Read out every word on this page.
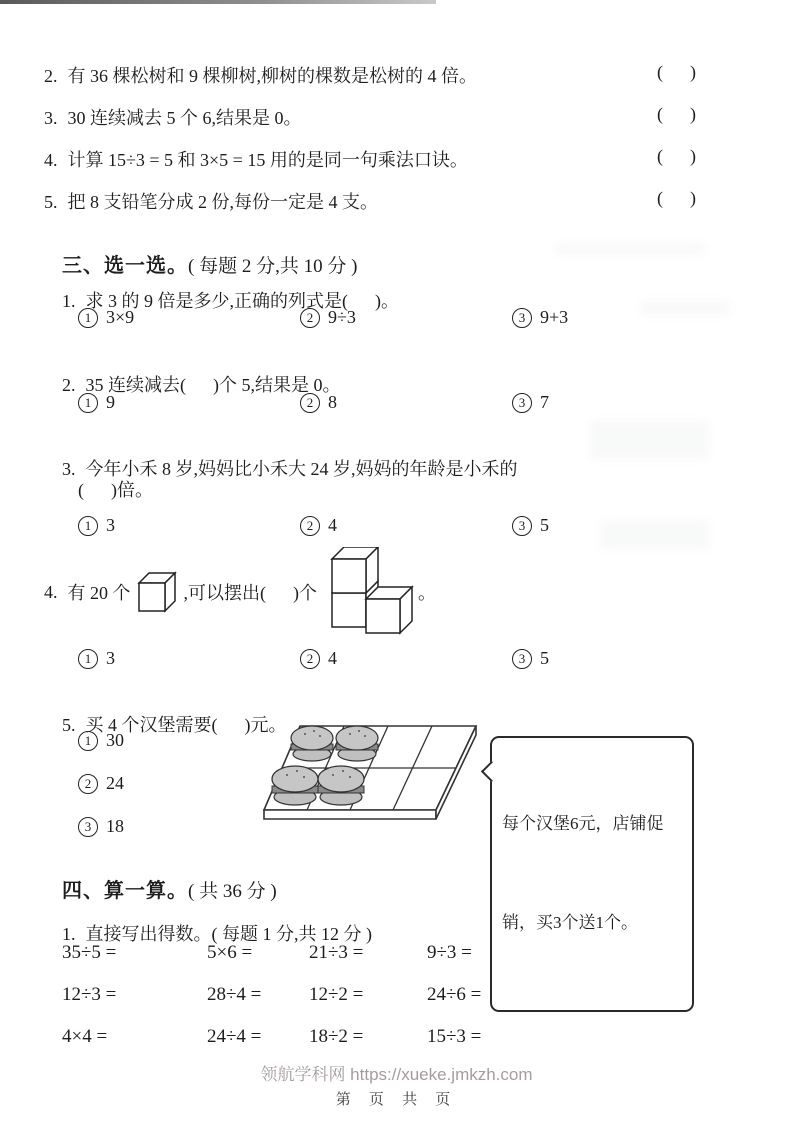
2. 有 36 棵松树和 9 棵柳树,柳树的棵数是松树的 4 倍。	(      )
3. 30 连续减去 5 个 6,结果是 0。	(      )
4. 计算 15÷3 = 5 和 3×5 = 15 用的是同一句乘法口诀。	(      )
5. 把 8 支铅笔分成 2 份,每份一定是 4 支。	(      )

三、选一选。( 每题 2 分,共 10 分 )

1. 求 3 的 9 倍是多少,正确的列式是(      )。

1 3×9	2 9÷3	3 9+3

2. 35 连续减去(      )个 5,结果是 0。

1 9	2 8	3 7

3. 今年小禾 8 岁,妈妈比小禾大 24 岁,妈妈的年龄是小禾的

(      )倍。
1 3	2 4	3 5
4. 有 20 个 ,可以摆出(      )个	。
1 3	2 4	3 5

5. 买 4 个汉堡需要(      )元。

1 30
2 24
3 18

	每个汉堡6元，店铺促

销，买3个送1个。

四、算一算。( 共 36 分 )

1. 直接写出得数。( 每题 1 分,共 12 分 )

35÷5 =	5×6 =	21÷3 =	9÷3 =
12÷3 =	28÷4 =	12÷2 =	24÷6 =
4×4 =	24÷4 =	18÷2 =	15÷3 =
领航学科网 https://xueke.jmkzh.com
第 页 共 页
